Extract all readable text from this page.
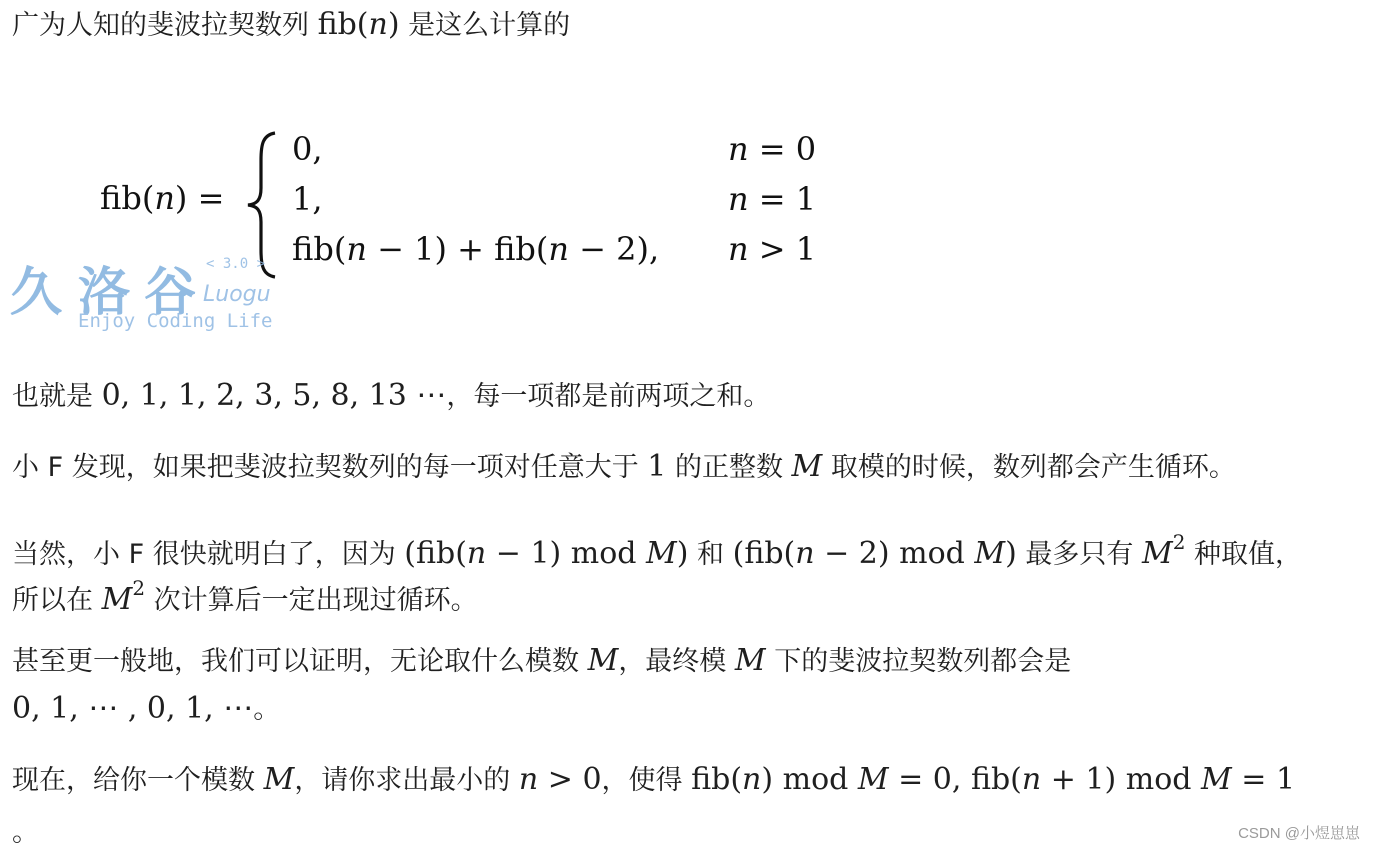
广为人知的斐波拉契数列 fib(n) 是这么计算的

fib(n) =
0,	n = 0
1,	n = 1
fib(n − 1) + fib(n − 2), n > 1
久 洛 谷 < 3.0 >
Luogu
Enjoy Coding Life

也就是 0, 1, 1, 2, 3, 5, 8, 13 ⋯，每一项都是前两项之和。

小 F 发现，如果把斐波拉契数列的每一项对任意大于 1 的正整数 M 取模的时候，数列都会产生循环。

当然，小 F 很快就明白了，因为 (fib(n − 1) mod M) 和 (fib(n − 2) mod M) 最多只有 $M^2$ 种取值，

所以在 $M^2$ 次计算后一定出现过循环。

甚至更一般地，我们可以证明，无论取什么模数 M，最终模 M 下的斐波拉契数列都会是

0, 1, ⋯ , 0, 1, ⋯。

现在，给你一个模数 M，请你求出最小的 n > 0，使得 fib(n) mod M = 0, fib(n + 1) mod M = 1

。	CSDN @小煜崽崽
